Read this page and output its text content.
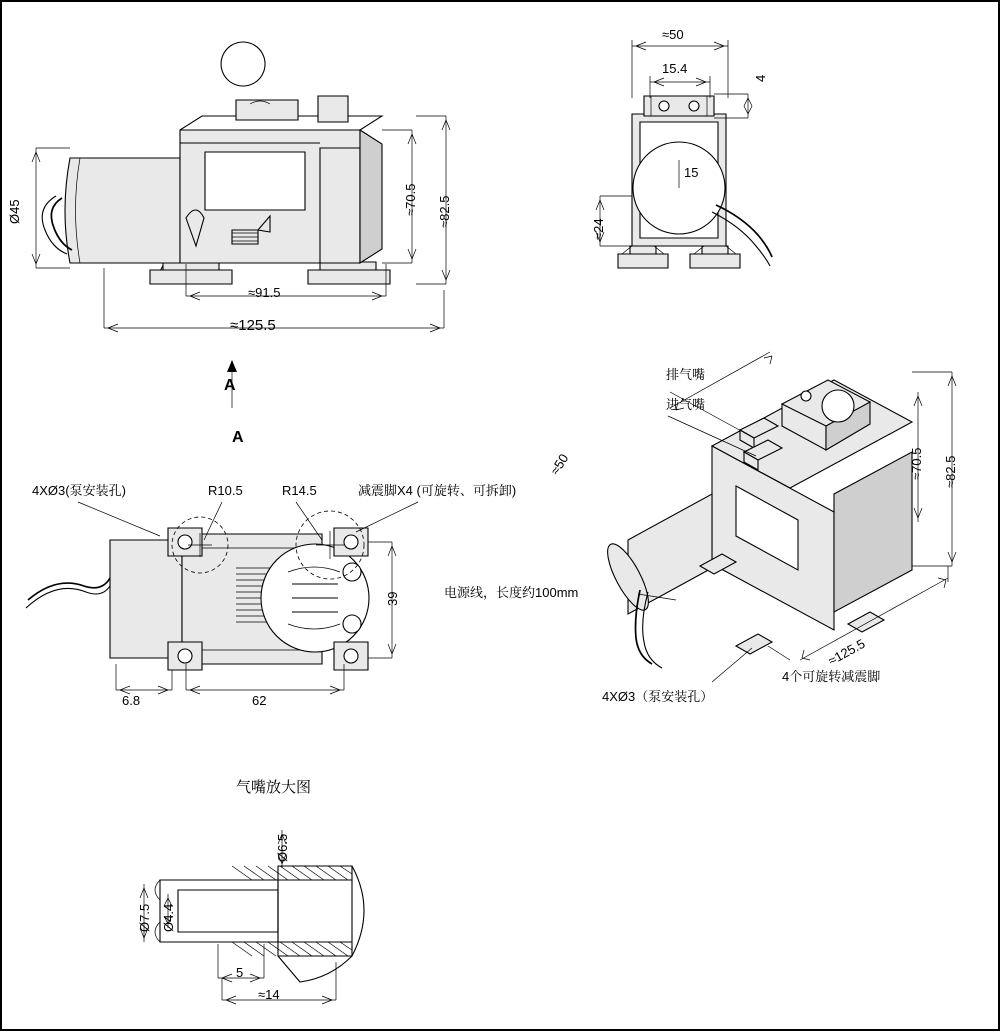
Ø45	≈70.5 ≈82.5
≈91.5
≈125.5
A
A
≈50
15.4
4
15
≈24
4XØ3(泵安装孔)	R10.5	R14.5	减震脚X4 (可旋转、可拆卸)
39
6.8	62
排气嘴
进气嘴
≈50	≈70.5 ≈82.5
≈125.5
电源线，长度约100mm
4XØ3（泵安装孔）
4个可旋转减震脚
气嘴放大图
Ø6.5
Ø7.5 Ø4.4
5
≈14
